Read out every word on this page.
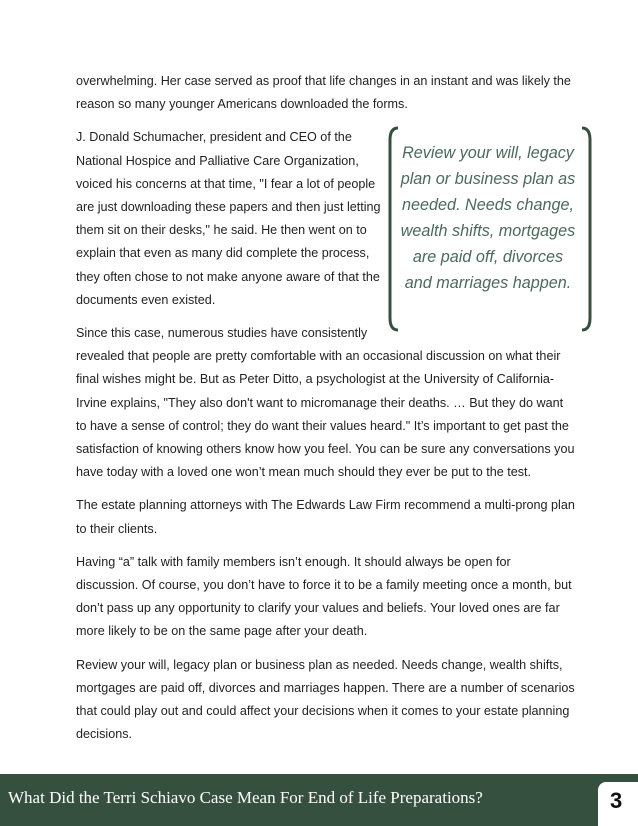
overwhelming. Her case served as proof that life changes in an instant and was likely the reason so many younger Americans downloaded the forms.

Review your will, legacy plan or business plan as needed. Needs change, wealth shifts, mortgages are paid off, divorces and marriages happen.
J. Donald Schumacher, president and CEO of the National Hospice and Palliative Care Organization, voiced his concerns at that time, "I fear a lot of people are just downloading these papers and then just letting them sit on their desks," he said. He then went on to explain that even as many did complete the process, they often chose to not make anyone aware of that the documents even existed.

Since this case, numerous studies have consistently revealed that people are pretty comfortable with an occasional discussion on what their final wishes might be. But as Peter Ditto, a psychologist at the University of California-Irvine explains, "They also don't want to micromanage their deaths. … But they do want to have a sense of control; they do want their values heard." It’s important to get past the satisfaction of knowing others know how you feel. You can be sure any conversations you have today with a loved one won’t mean much should they ever be put to the test.

The estate planning attorneys with The Edwards Law Firm recommend a multi-prong plan to their clients.

Having “a” talk with family members isn’t enough. It should always be open for discussion. Of course, you don’t have to force it to be a family meeting once a month, but don’t pass up any opportunity to clarify your values and beliefs. Your loved ones are far more likely to be on the same page after your death.

Review your will, legacy plan or business plan as needed. Needs change, wealth shifts, mortgages are paid off, divorces and marriages happen. There are a number of scenarios that could play out and could affect your decisions when it comes to your estate planning decisions.

What Did the Terri Schiavo Case Mean For End of Life Preparations?	3
